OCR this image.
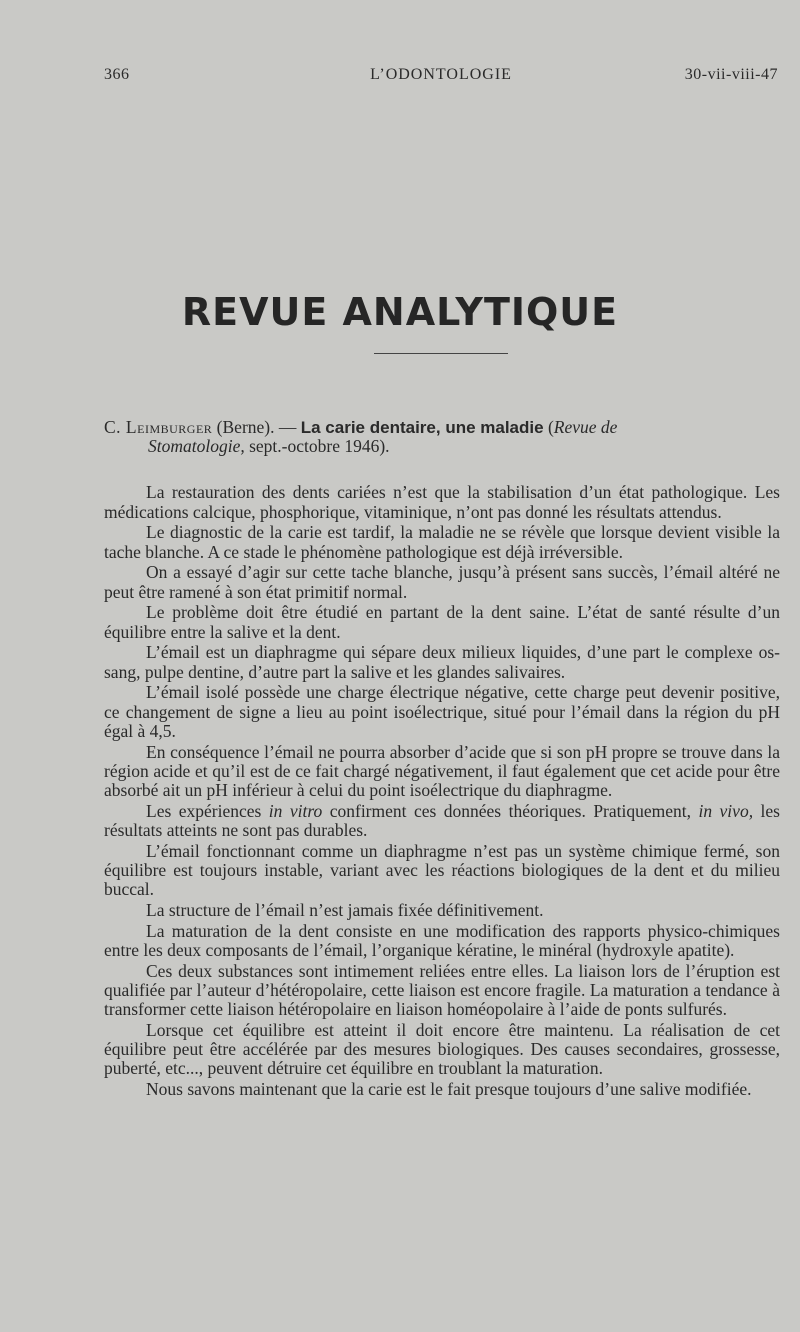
366	L’ODONTOLOGIE	30-vii-viii-47
REVUE ANALYTIQUE
C. Leimburger (Berne). — La carie dentaire, une maladie (Revue de
Stomatologie, sept.-octobre 1946).

La restauration des dents cariées n’est que la stabilisation d’un état pathologique. Les médications calcique, phosphorique, vitaminique, n’ont pas donné les résultats attendus.

Le diagnostic de la carie est tardif, la maladie ne se révèle que lorsque devient visible la tache blanche. A ce stade le phénomène pathologique est déjà irréversible.

On a essayé d’agir sur cette tache blanche, jusqu’à présent sans succès, l’émail altéré ne peut être ramené à son état primitif normal.

Le problème doit être étudié en partant de la dent saine. L’état de santé résulte d’un équilibre entre la salive et la dent.

L’émail est un diaphragme qui sépare deux milieux liquides, d’une part le complexe os-sang, pulpe dentine, d’autre part la salive et les glandes salivaires.

L’émail isolé possède une charge électrique négative, cette charge peut devenir positive, ce changement de signe a lieu au point isoélectrique, situé pour l’émail dans la région du pH égal à 4,5.

En conséquence l’émail ne pourra absorber d’acide que si son pH propre se trouve dans la région acide et qu’il est de ce fait chargé négativement, il faut également que cet acide pour être absorbé ait un pH inférieur à celui du point isoélectrique du diaphragme.

Les expériences in vitro confirment ces données théoriques. Pratiquement, in vivo, les résultats atteints ne sont pas durables.

L’émail fonctionnant comme un diaphragme n’est pas un système chimique fermé, son équilibre est toujours instable, variant avec les réactions biologiques de la dent et du milieu buccal.

La structure de l’émail n’est jamais fixée définitivement.

La maturation de la dent consiste en une modification des rapports physico-chimiques entre les deux composants de l’émail, l’organique kératine, le minéral (hydroxyle apatite).

Ces deux substances sont intimement reliées entre elles. La liaison lors de l’éruption est qualifiée par l’auteur d’hétéropolaire, cette liaison est encore fragile. La maturation a tendance à transformer cette liaison hétéropolaire en liaison homéopolaire à l’aide de ponts sulfurés.

Lorsque cet équilibre est atteint il doit encore être maintenu. La réalisation de cet équilibre peut être accélérée par des mesures biologiques. Des causes secondaires, grossesse, puberté, etc..., peuvent détruire cet équilibre en troublant la maturation.

Nous savons maintenant que la carie est le fait presque toujours d’une salive modifiée.
